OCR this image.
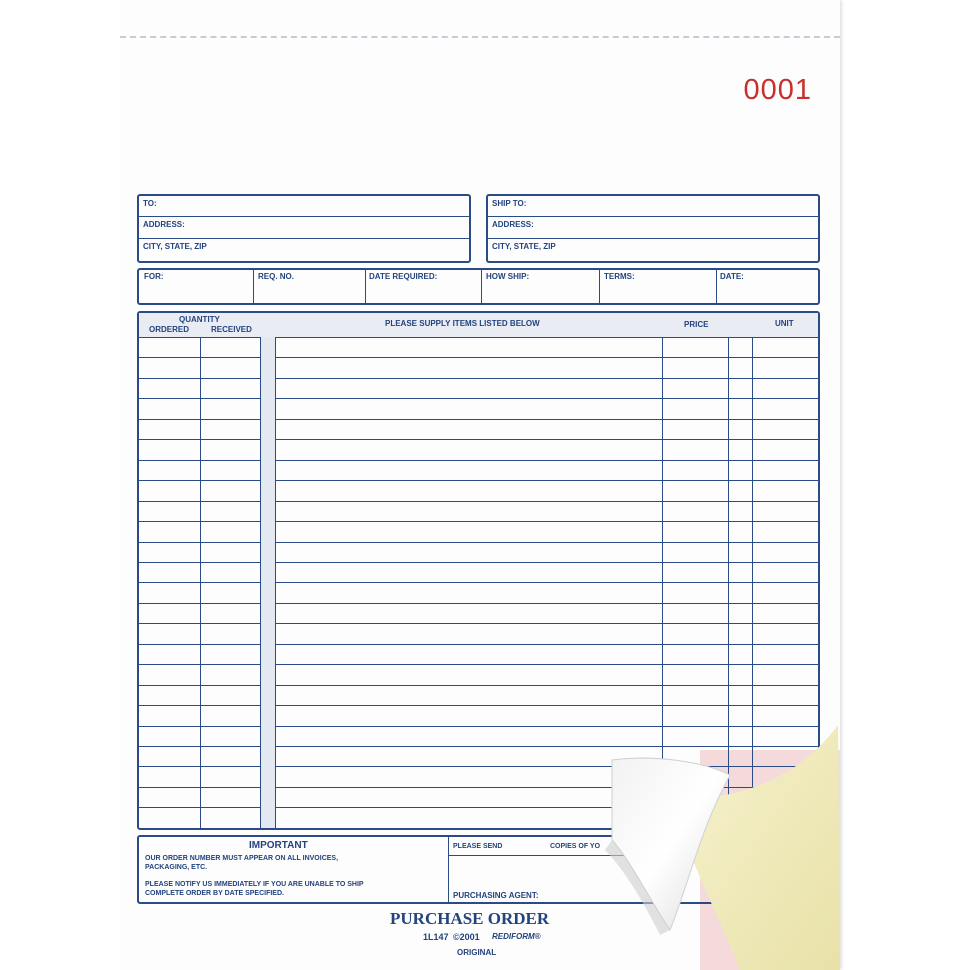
0001
TO:
ADDRESS:
CITY, STATE, ZIP
SHIP TO:
ADDRESS:
CITY, STATE, ZIP
FOR:	REQ. NO.	DATE REQUIRED:	HOW SHIP:	TERMS:	DATE:
QUANTITY
ORDERED	RECEIVED
PLEASE SUPPLY ITEMS LISTED BELOW	PRICE	UNIT
IMPORTANT
OUR ORDER NUMBER MUST APPEAR ON ALL INVOICES,
PACKAGING, ETC.
PLEASE NOTIFY US IMMEDIATELY IF YOU ARE UNABLE TO SHIP
COMPLETE ORDER BY DATE SPECIFIED.
PLEASE SEND	COPIES OF YO
PURCHASING AGENT:
PURCHASE ORDER
1L147 ©2001 REDIFORM®
ORIGINAL
